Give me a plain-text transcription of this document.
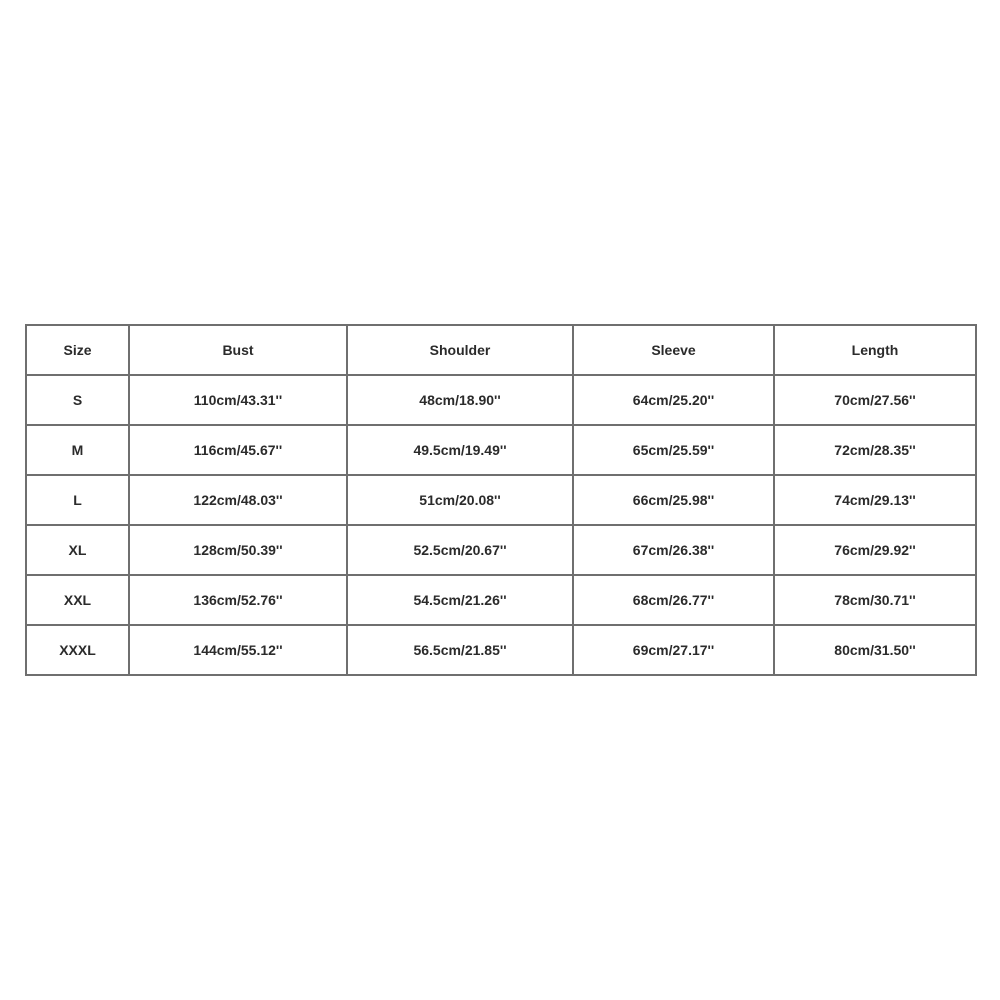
Size	Bust	Shoulder	Sleeve	Length
S	110cm/43.31''	48cm/18.90''	64cm/25.20''	70cm/27.56''
M	116cm/45.67''	49.5cm/19.49''	65cm/25.59''	72cm/28.35''
L	122cm/48.03''	51cm/20.08''	66cm/25.98''	74cm/29.13''
XL	128cm/50.39''	52.5cm/20.67''	67cm/26.38''	76cm/29.92''
XXL	136cm/52.76''	54.5cm/21.26''	68cm/26.77''	78cm/30.71''
XXXL	144cm/55.12''	56.5cm/21.85''	69cm/27.17''	80cm/31.50''
